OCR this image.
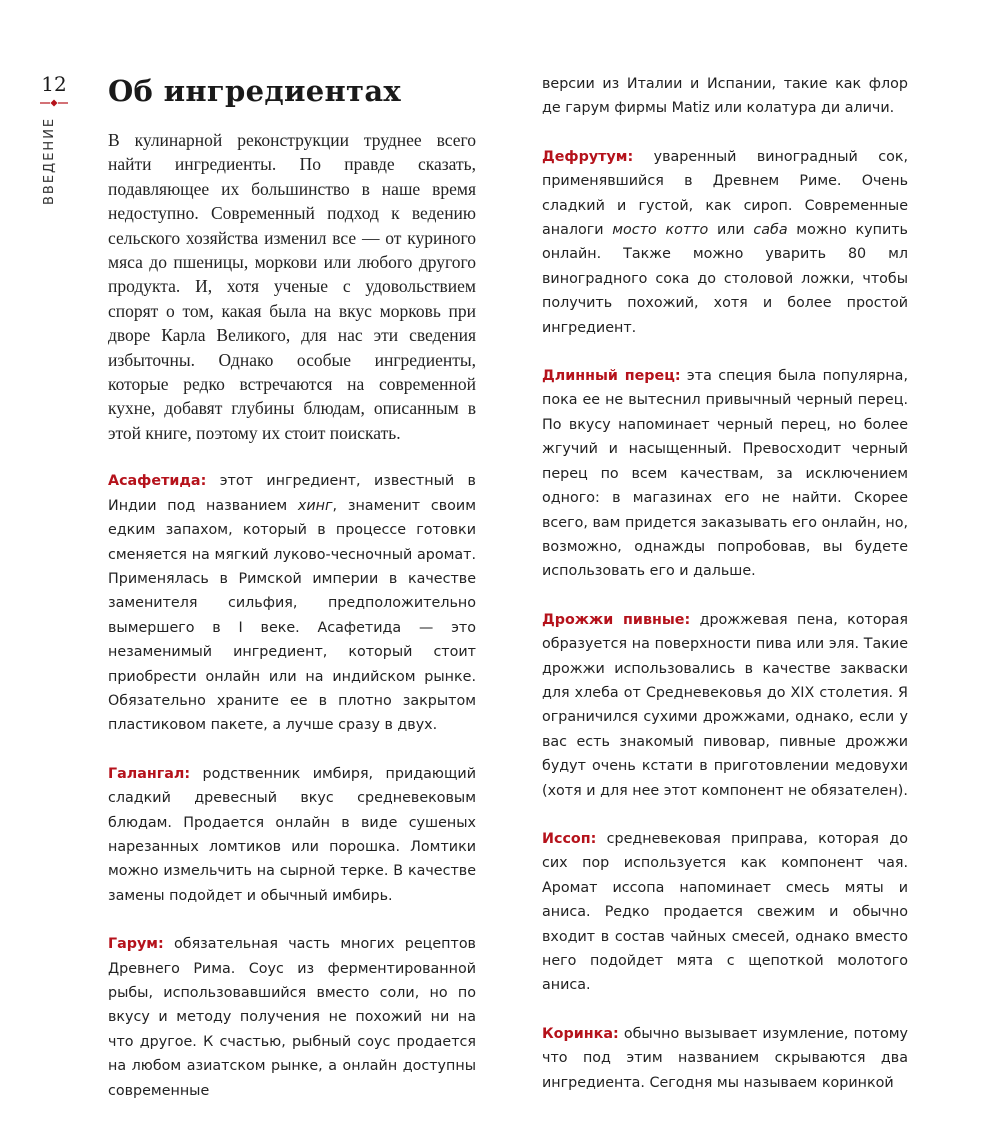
12
ВВЕДЕНИЕ
Об ингредиентах

В кулинарной реконструкции труднее всего найти ингредиенты. По правде сказать, подавляющее их большинство в наше время недоступно. Современный подход к ведению сельского хозяйства изменил все — от куриного мяса до пшеницы, моркови или любого другого продукта. И, хотя ученые с удовольствием спорят о том, какая была на вкус морковь при дворе Карла Великого, для нас эти сведения избыточны. Однако особые ингредиенты, которые редко встречаются на современной кухне, добавят глубины блюдам, описанным в этой книге, поэтому их стоит поискать.

Асафетида: этот ингредиент, известный в Индии под названием хинг, знаменит своим едким запахом, который в процессе готовки сменяется на мягкий луково-чесночный аромат. Применялась в Римской империи в качестве заменителя сильфия, предположительно вымершего в I веке. Асафетида — это незаменимый ингредиент, который стоит приобрести онлайн или на индийском рынке. Обязательно храните ее в плотно закрытом пластиковом пакете, а лучше сразу в двух.

Галангал: родственник имбиря, придающий сладкий древесный вкус средневековым блюдам. Продается онлайн в виде сушеных нарезанных ломтиков или порошка. Ломтики можно измельчить на сырной терке. В качестве замены подойдет и обычный имбирь.

Гарум: обязательная часть многих рецептов Древнего Рима. Соус из ферментированной рыбы, использовавшийся вместо соли, но по вкусу и методу получения не похожий ни на что другое. К счастью, рыбный соус продается на любом азиатском рынке, а онлайн доступны современные

версии из Италии и Испании, такие как флор де гарум фирмы Matiz или колатура ди аличи.

Дефрутум: уваренный виноградный сок, применявшийся в Древнем Риме. Очень сладкий и густой, как сироп. Современные аналоги мосто котто или саба можно купить онлайн. Также можно уварить 80 мл виноградного сока до столовой ложки, чтобы получить похожий, хотя и более простой ингредиент.

Длинный перец: эта специя была популярна, пока ее не вытеснил привычный черный перец. По вкусу напоминает черный перец, но более жгучий и насыщенный. Превосходит черный перец по всем качествам, за исключением одного: в магазинах его не найти. Скорее всего, вам придется заказывать его онлайн, но, возможно, однажды попробовав, вы будете использовать его и дальше.

Дрожжи пивные: дрожжевая пена, которая образуется на поверхности пива или эля. Такие дрожжи использовались в качестве закваски для хлеба от Средневековья до XIX столетия. Я ограничился сухими дрожжами, однако, если у вас есть знакомый пивовар, пивные дрожжи будут очень кстати в приготовлении медовухи (хотя и для нее этот компонент не обязателен).

Иссоп: средневековая приправа, которая до сих пор используется как компонент чая. Аромат иссопа напоминает смесь мяты и аниса. Редко продается свежим и обычно входит в состав чайных смесей, однако вместо него подойдет мята с щепоткой молотого аниса.

Коринка: обычно вызывает изумление, потому что под этим названием скрываются два ингредиента. Сегодня мы называем коринкой
